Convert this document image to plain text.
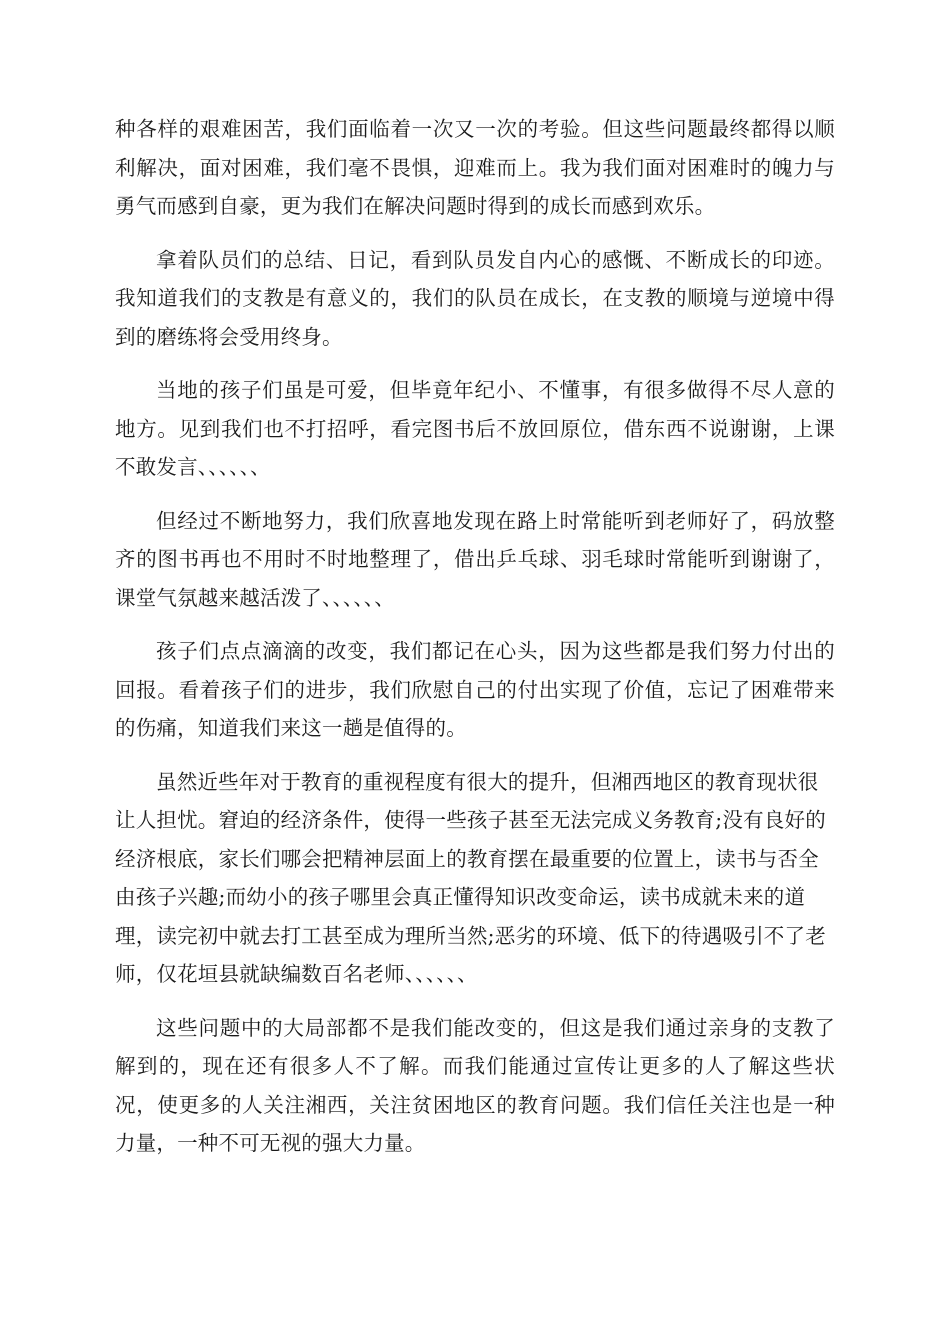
种各样的艰难困苦，我们面临着一次又一次的考验。但这些问题最终都得以顺利解决，面对困难，我们毫不畏惧，迎难而上。我为我们面对困难时的魄力与勇气而感到自豪，更为我们在解决问题时得到的成长而感到欢乐。

拿着队员们的总结、日记，看到队员发自内心的感慨、不断成长的印迹。我知道我们的支教是有意义的，我们的队员在成长，在支教的顺境与逆境中得到的磨练将会受用终身。

当地的孩子们虽是可爱，但毕竟年纪小、不懂事，有很多做得不尽人意的地方。见到我们也不打招呼，看完图书后不放回原位，借东西不说谢谢，上课不敢发言、、、、、、

但经过不断地努力，我们欣喜地发现在路上时常能听到老师好了，码放整齐的图书再也不用时不时地整理了，借出乒乓球、羽毛球时常能听到谢谢了，课堂气氛越来越活泼了、、、、、、

孩子们点点滴滴的改变，我们都记在心头，因为这些都是我们努力付出的回报。看着孩子们的进步，我们欣慰自己的付出实现了价值，忘记了困难带来的伤痛，知道我们来这一趟是值得的。

虽然近些年对于教育的重视程度有很大的提升，但湘西地区的教育现状很让人担忧。窘迫的经济条件，使得一些孩子甚至无法完成义务教育;没有良好的经济根底，家长们哪会把精神层面上的教育摆在最重要的位置上，读书与否全由孩子兴趣;而幼小的孩子哪里会真正懂得知识改变命运，读书成就未来的道理，读完初中就去打工甚至成为理所当然;恶劣的环境、低下的待遇吸引不了老师，仅花垣县就缺编数百名老师、、、、、、

这些问题中的大局部都不是我们能改变的，但这是我们通过亲身的支教了解到的，现在还有很多人不了解。而我们能通过宣传让更多的人了解这些状况，使更多的人关注湘西，关注贫困地区的教育问题。我们信任关注也是一种力量，一种不可无视的强大力量。
